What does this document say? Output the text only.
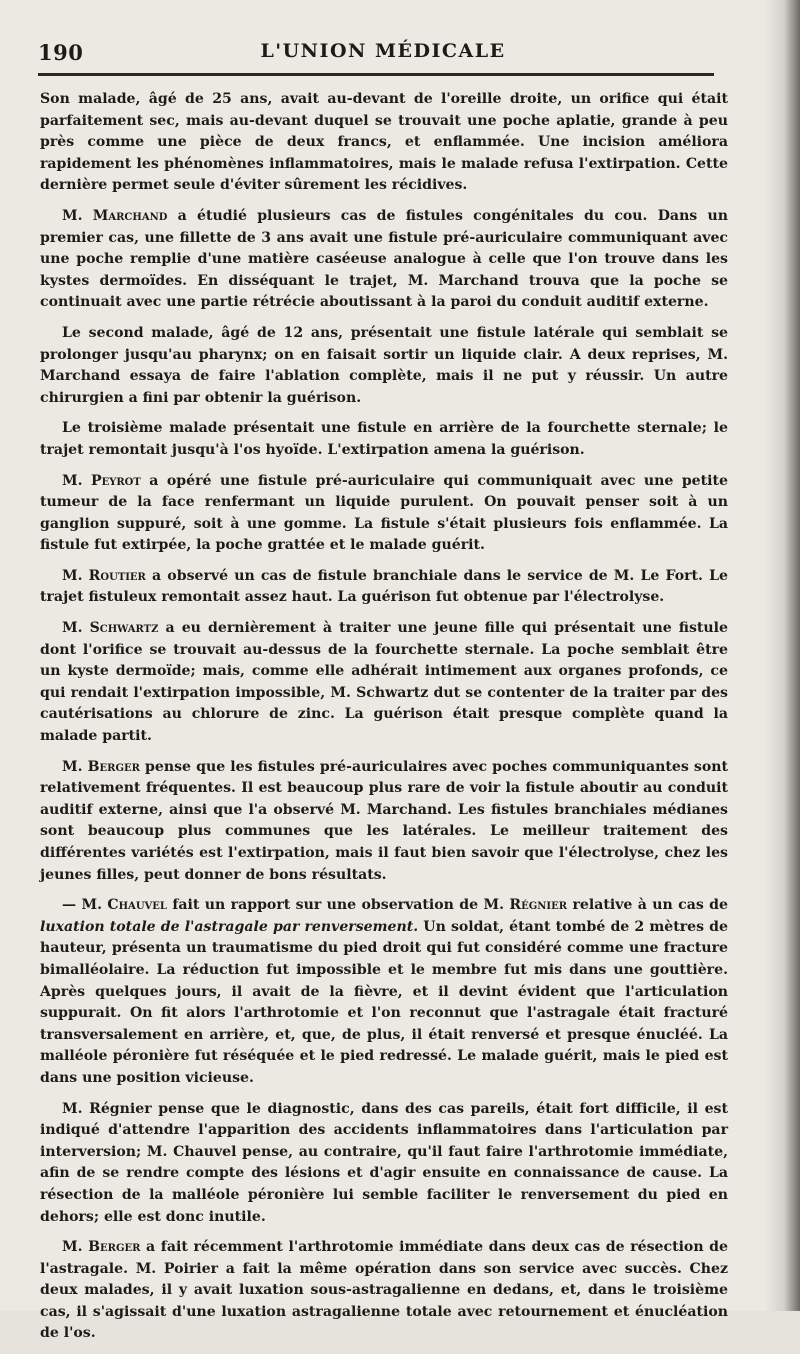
190	L'UNION MÉDICALE

Son malade, âgé de 25 ans, avait au-devant de l'oreille droite, un orifice qui était parfaitement sec, mais au-devant duquel se trouvait une poche aplatie, grande à peu près comme une pièce de deux francs, et enflammée. Une incision améliora rapidement les phénomènes inflammatoires, mais le malade refusa l'extirpation. Cette dernière permet seule d'éviter sûrement les récidives.

M. Marchand a étudié plusieurs cas de fistules congénitales du cou. Dans un premier cas, une fillette de 3 ans avait une fistule pré-auriculaire communiquant avec une poche remplie d'une matière caséeuse analogue à celle que l'on trouve dans les kystes dermoïdes. En disséquant le trajet, M. Marchand trouva que la poche se continuait avec une partie rétrécie aboutissant à la paroi du conduit auditif externe.

Le second malade, âgé de 12 ans, présentait une fistule latérale qui semblait se prolonger jusqu'au pharynx; on en faisait sortir un liquide clair. A deux reprises, M. Marchand essaya de faire l'ablation complète, mais il ne put y réussir. Un autre chirurgien a fini par obtenir la guérison.

Le troisième malade présentait une fistule en arrière de la fourchette sternale; le trajet remontait jusqu'à l'os hyoïde. L'extirpation amena la guérison.

M. Peyrot a opéré une fistule pré-auriculaire qui communiquait avec une petite tumeur de la face renfermant un liquide purulent. On pouvait penser soit à un ganglion suppuré, soit à une gomme. La fistule s'était plusieurs fois enflammée. La fistule fut extirpée, la poche grattée et le malade guérit.

M. Routier a observé un cas de fistule branchiale dans le service de M. Le Fort. Le trajet fistuleux remontait assez haut. La guérison fut obtenue par l'électrolyse.

M. Schwartz a eu dernièrement à traiter une jeune fille qui présentait une fistule dont l'orifice se trouvait au-dessus de la fourchette sternale. La poche semblait être un kyste dermoïde; mais, comme elle adhérait intimement aux organes profonds, ce qui rendait l'extirpation impossible, M. Schwartz dut se contenter de la traiter par des cautérisations au chlorure de zinc. La guérison était presque complète quand la malade partit.

M. Berger pense que les fistules pré-auriculaires avec poches communiquantes sont relativement fréquentes. Il est beaucoup plus rare de voir la fistule aboutir au conduit auditif externe, ainsi que l'a observé M. Marchand. Les fistules branchiales médianes sont beaucoup plus communes que les latérales. Le meilleur traitement des différentes variétés est l'extirpation, mais il faut bien savoir que l'électrolyse, chez les jeunes filles, peut donner de bons résultats.

— M. Chauvel fait un rapport sur une observation de M. Régnier relative à un cas de luxation totale de l'astragale par renversement. Un soldat, étant tombé de 2 mètres de hauteur, présenta un traumatisme du pied droit qui fut considéré comme une fracture bimalléolaire. La réduction fut impossible et le membre fut mis dans une gouttière. Après quelques jours, il avait de la fièvre, et il devint évident que l'articulation suppurait. On fit alors l'arthrotomie et l'on reconnut que l'astragale était fracturé transversalement en arrière, et, que, de plus, il était renversé et presque énucléé. La malléole péronière fut réséquée et le pied redressé. Le malade guérit, mais le pied est dans une position vicieuse.

M. Régnier pense que le diagnostic, dans des cas pareils, était fort difficile, il est indiqué d'attendre l'apparition des accidents inflammatoires dans l'articulation par interversion; M. Chauvel pense, au contraire, qu'il faut faire l'arthrotomie immédiate, afin de se rendre compte des lésions et d'agir ensuite en connaissance de cause. La résection de la malléole péronière lui semble faciliter le renversement du pied en dehors; elle est donc inutile.

M. Berger a fait récemment l'arthrotomie immédiate dans deux cas de résection de l'astragale. M. Poirier a fait la même opération dans son service avec succès. Chez deux malades, il y avait luxation sous-astragalienne en dedans, et, dans le troisième cas, il s'agissait d'une luxation astragalienne totale avec retournement et énucléation de l'os.
